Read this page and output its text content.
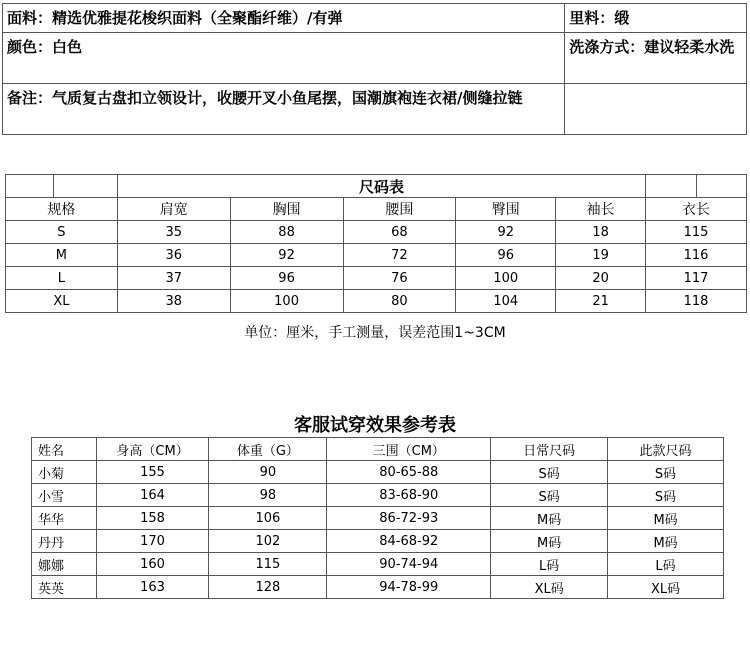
面料：精选优雅提花梭织面料（全聚酯纤维）/有弹	里料：缎
颜色：白色	洗涤方式：建议轻柔水洗
备注：气质复古盘扣立领设计，收腰开叉小鱼尾摆，国潮旗袍连衣裙/侧缝拉链	
		尺码表						
规格		肩宽	胸围	腰围	臀围	袖长	衣长	
S		35	88	68	92	18	115	
M		36	92	72	96	19	116	
L		37	96	76	100	20	117	
XL		38	100	80	104	21	118	
单位：厘米，手工测量，误差范围1~3CM
客服试穿效果参考表
姓名	身高（CM）	体重（G）	三围（CM）	日常尺码	此款尺码
小菊	155	90	80-65-88	S码	S码
小雪	164	98	83-68-90	S码	S码
华华	158	106	86-72-93	M码	M码
丹丹	170	102	84-68-92	M码	M码
娜娜	160	115	90-74-94	L码	L码
英英	163	128	94-78-99	XL码	XL码
